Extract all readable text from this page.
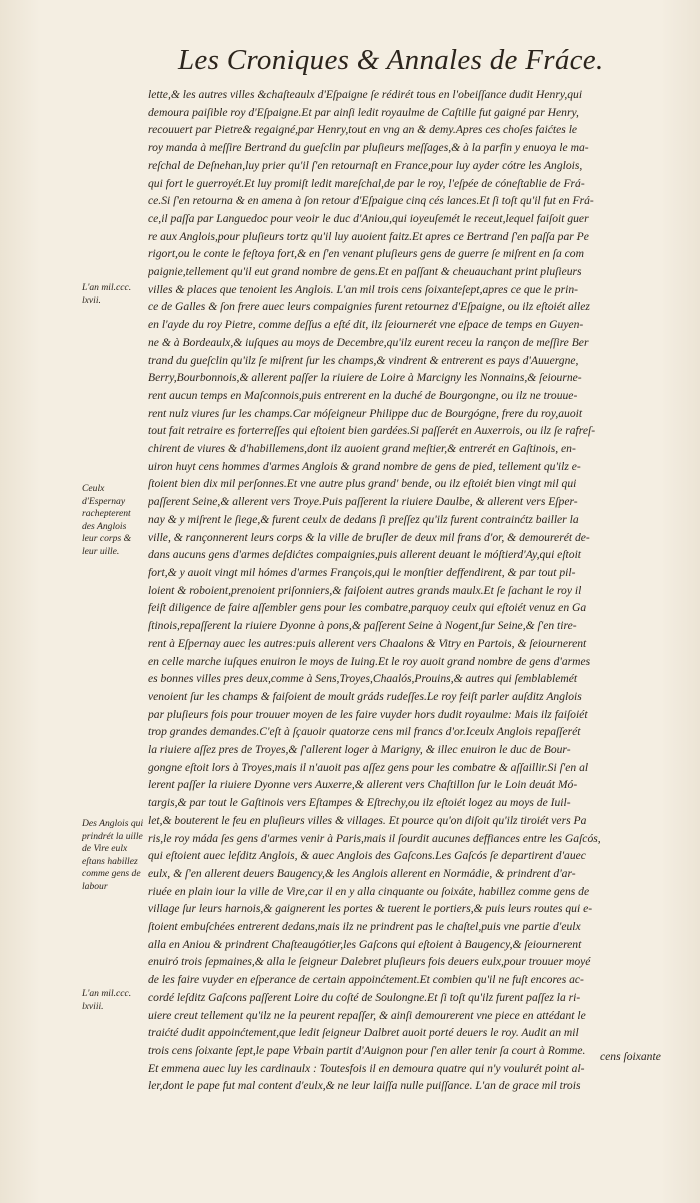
Les Croniques & Annales de Fráce.
L'an mil.ccc. lxvii.
Ceulx d'Espernay rachepterent des Anglois leur corps & leur uille.
Des Anglois qui prindrét la uille de Vire eulx eſtans habillez comme gens de labour
L'an mil.ccc. lxviii.
lette,& les autres villes &chaſteaulx d'Eſpaigne ſe rédirét tous en l'obeiſſance dudit Henry,qui
demoura paiſible roy d'Eſpaigne.Et par ainſi ledit royaulme de Caſtille fut gaigné par Henry,
recouuert par Pietre& regaigné,par Henry,tout en vng an & demy.Apres ces choſes faićtes le
roy manda à meſſire Bertrand du gueſclin par pluſieurs meſſages,& à la parfin y enuoya le ma-
reſchal de Deſnehan,luy prier qu'il ſ'en retournaſt en France,pour luy ayder cótre les Anglois,
qui fort le guerroyét.Et luy promiſt ledit mareſchal,de par le roy, l'eſpée de cóneſtablie de Frá-
ce.Si ſ'en retourna & en amena à ſon retour d'Eſpaigue cinq cés lances.Et ſi toſt qu'il fut en Frá-
ce,il paſſa par Languedoc pour veoir le duc d'Aniou,qui ioyeuſemét le receut,lequel faiſoit guer
re aux Anglois,pour pluſieurs tortz qu'il luy auoient faitz.Et apres ce Bertrand ſ'en paſſa par Pe
rigort,ou le conte le feſtoya fort,& en ſ'en venant pluſieurs gens de guerre ſe miſrent en ſa com
paignie,tellement qu'il eut grand nombre de gens.Et en paſſant & cheuauchant print pluſieurs
villes & places que tenoient les Anglois. L'an mil trois cens ſoixanteſept,apres ce que le prin-
ce de Galles & ſon frere auec leurs compaignies furent retournez d'Eſpaigne, ou ilz eſtoiét allez
en l'ayde du roy Pietre, comme deſſus a eſté dit, ilz ſeiournerét vne eſpace de temps en Guyen-
ne & à Bordeaulx,& iuſques au moys de Decembre,qu'ilz eurent receu la rançon de meſſire Ber
trand du gueſclin qu'ilz ſe miſrent ſur les champs,& vindrent & entrerent es pays d'Auuergne,
Berry,Bourbonnois,& allerent paſſer la riuiere de Loire à Marcigny les Nonnains,& ſeiourne-
rent aucun temps en Maſconnois,puis entrerent en la duché de Bourgongne, ou ilz ne trouue-
rent nulz viures ſur les champs.Car móſeigneur Philippe duc de Bourgógne, frere du roy,auoit
tout fait retraire es forterreſſes qui eſtoient bien gardées.Si paſſerét en Auxerrois, ou ilz ſe rafreſ-
chirent de viures & d'habillemens,dont ilz auoient grand meſtier,& entrerét en Gaſtinois, en-
uiron huyt cens hommes d'armes Anglois & grand nombre de gens de pied, tellement qu'ilz e-
ſtoient bien dix mil perſonnes.Et vne autre plus grand' bende, ou ilz eſtoiét bien vingt mil qui
paſſerent Seine,& allerent vers Troye.Puis paſſerent la riuiere Daulbe, & allerent vers Eſper-
nay & y miſrent le ſiege,& furent ceulx de dedans ſi preſſez qu'ilz furent contrainćtz bailler la
ville, & rançonnerent leurs corps & la ville de bruſler de deux mil frans d'or, & demourerét de-
dans aucuns gens d'armes deſdićtes compaignies,puis allerent deuant le móſtierd'Ay,qui eſtoit
fort,& y auoit vingt mil hómes d'armes François,qui le monſtier deffendirent, & par tout pil-
loient & roboient,prenoient priſonniers,& faiſoient autres grands maulx.Et ſe ſachant le roy il
feiſt diligence de faire aſſembler gens pour les combatre,parquoy ceulx qui eſtoiét venuz en Ga
ſtinois,repaſſerent la riuiere Dyonne à pons,& paſſerent Seine à Nogent,ſur Seine,& ſ'en tire-
rent à Eſpernay auec les autres:puis allerent vers Chaalons & Vitry en Partois, & ſeiournerent
en celle marche iuſques enuiron le moys de Iuing.Et le roy auoit grand nombre de gens d'armes
es bonnes villes pres deux,comme à Sens,Troyes,Chaalós,Prouins,& autres qui ſemblablemét
venoient ſur les champs & faiſoient de moult gráds rudeſſes.Le roy feiſt parler auſditz Anglois
par pluſieurs fois pour trouuer moyen de les faire vuyder hors dudit royaulme: Mais ilz faiſoiét
trop grandes demandes.C'eſt à ſçauoir quatorze cens mil francs d'or.Iceulx Anglois repaſſerét
la riuiere aſſez pres de Troyes,& ſ'allerent loger à Marigny, & illec enuiron le duc de Bour-
gongne eſtoit lors à Troyes,mais il n'auoit pas aſſez gens pour les combatre & aſſaillir.Si ſ'en al
lerent paſſer la riuiere Dyonne vers Auxerre,& allerent vers Chaſtillon ſur le Loin deuát Mó-
targis,& par tout le Gaſtinois vers Eſtampes & Eſtrechy,ou ilz eſtoiét logez au moys de Iuil-
let,& bouterent le feu en pluſieurs villes & villages. Et pource qu'on diſoit qu'ilz tiroiét vers Pa
ris,le roy máda ſes gens d'armes venir à Paris,mais il ſourdit aucunes deffiances entre les Gaſcós,
qui eſtoient auec leſditz Anglois, & auec Anglois des Gaſcons.Les Gaſcós ſe departirent d'auec
eulx, & ſ'en allerent deuers Baugency,& les Anglois allerent en Normádie, & prindrent d'ar-
riuée en plain iour la ville de Vire,car il en y alla cinquante ou ſoixáte, habillez comme gens de
village ſur leurs harnois,& gaignerent les portes & tuerent le portiers,& puis leurs routes qui e-
ſtoient embuſchées entrerent dedans,mais ilz ne prindrent pas le chaſtel,puis vne partie d'eulx
alla en Aniou & prindrent Chaſteaugótier,les Gaſcons qui eſtoient à Baugency,& ſeiournerent
enuiró trois ſepmaines,& alla le ſeigneur Dalebret pluſieurs fois deuers eulx,pour trouuer moyé
de les faire vuyder en eſperance de certain appoinćtement.Et combien qu'il ne fuſt encores ac-
cordé leſditz Gaſcons paſſerent Loire du coſté de Soulongne.Et ſi toſt qu'ilz furent paſſez la ri-
uiere creut tellement qu'ilz ne la peurent repaſſer, & ainſi demourerent vne piece en attédant le
traićté dudit appoinćtement,que ledit ſeigneur Dalbret auoit porté deuers le roy. Audit an mil
trois cens ſoixante ſept,le pape Vrbain partit d'Auignon pour ſ'en aller tenir ſa court à Romme.
Et emmena auec luy les cardinaulx : Toutesfois il en demoura quatre qui n'y voulurét point al-
ler,dont le pape fut mal content d'eulx,& ne leur laiſſa nulle puiſſance. L'an de grace mil trois
cens ſoixante
